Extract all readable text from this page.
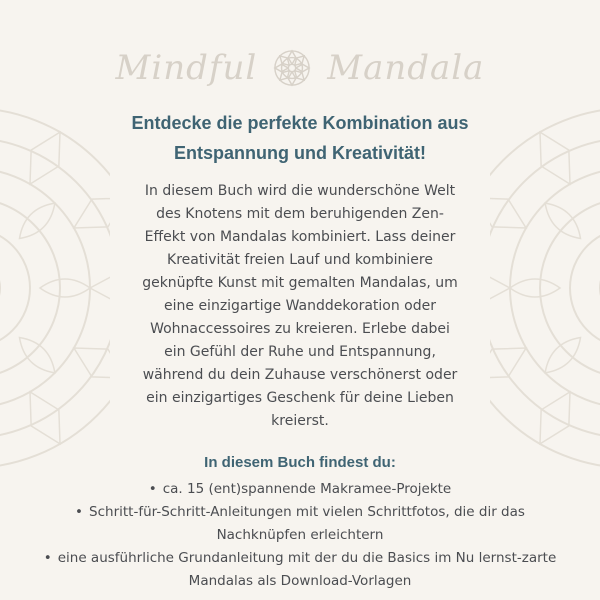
Mindful Mandala
Entdecke die perfekte Kombination aus
Entspannung und Kreativität!
In diesem Buch wird die wunderschöne Welt
des Knotens mit dem beruhigenden Zen-
Effekt von Mandalas kombiniert. Lass deiner
Kreativität freien Lauf und kombiniere
geknüpfte Kunst mit gemalten Mandalas, um
eine einzigartige Wanddekoration oder
Wohnaccessoires zu kreieren. Erlebe dabei
ein Gefühl der Ruhe und Entspannung,
während du dein Zuhause verschönerst oder
ein einzigartiges Geschenk für deine Lieben
kreierst.
In diesem Buch findest du:
• ca. 15 (ent)spannende Makramee-Projekte
• Schritt-für-Schritt-Anleitungen mit vielen Schrittfotos, die dir das Nachknüpfen erleichtern
• eine ausführliche Grundanleitung mit der du die Basics im Nu lernst-zarte Mandalas als Download-Vorlagen
